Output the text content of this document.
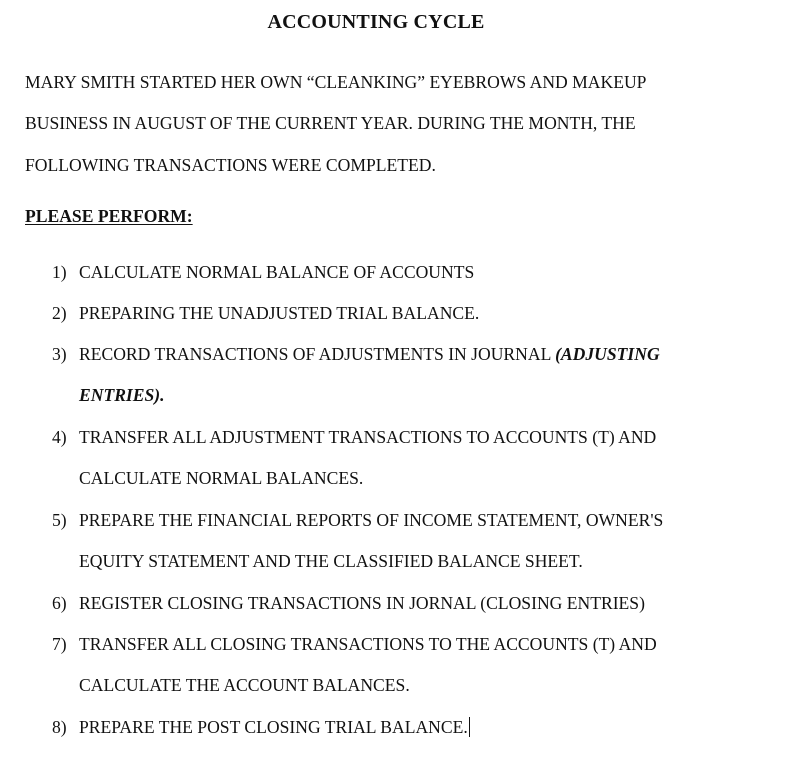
ACCOUNTING CYCLE
MARY SMITH STARTED HER OWN “CLEANKING” EYEBROWS AND MAKEUP
BUSINESS IN AUGUST OF THE CURRENT YEAR. DURING THE MONTH, THE
FOLLOWING TRANSACTIONS WERE COMPLETED.
PLEASE PERFORM:
1) CALCULATE NORMAL BALANCE OF ACCOUNTS
2) PREPARING THE UNADJUSTED TRIAL BALANCE.
3) RECORD TRANSACTIONS OF ADJUSTMENTS IN JOURNAL (ADJUSTING
ENTRIES).
4) TRANSFER ALL ADJUSTMENT TRANSACTIONS TO ACCOUNTS (T) AND
CALCULATE NORMAL BALANCES.
5) PREPARE THE FINANCIAL REPORTS OF INCOME STATEMENT, OWNER'S
EQUITY STATEMENT AND THE CLASSIFIED BALANCE SHEET.
6) REGISTER CLOSING TRANSACTIONS IN JORNAL (CLOSING ENTRIES)
7) TRANSFER ALL CLOSING TRANSACTIONS TO THE ACCOUNTS (T) AND
CALCULATE THE ACCOUNT BALANCES.
8) PREPARE THE POST CLOSING TRIAL BALANCE.
